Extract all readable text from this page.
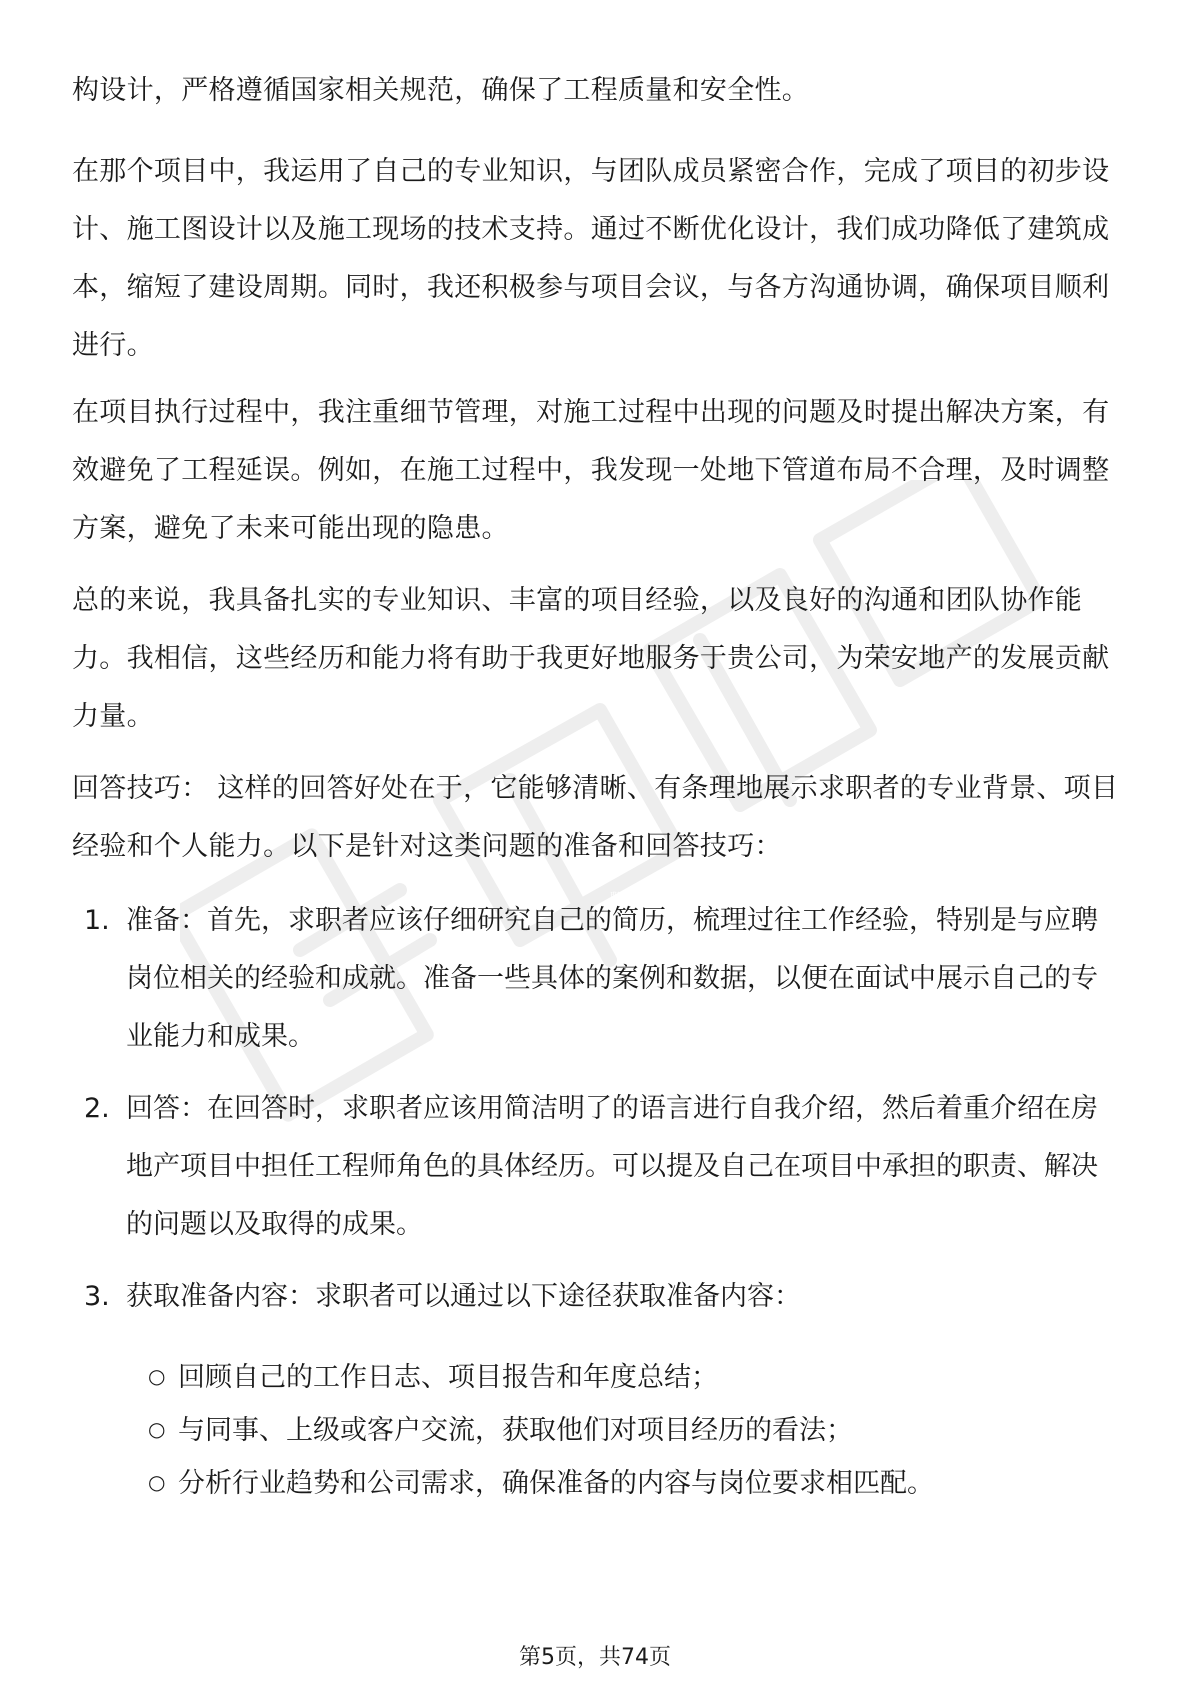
职场资料

构设计，严格遵循国家相关规范，确保了工程质量和安全性。

在那个项目中，我运用了自己的专业知识，与团队成员紧密合作，完成了项目的初步设计、施工图设计以及施工现场的技术支持。通过不断优化设计，我们成功降低了建筑成本，缩短了建设周期。同时，我还积极参与项目会议，与各方沟通协调，确保项目顺利进行。

在项目执行过程中，我注重细节管理，对施工过程中出现的问题及时提出解决方案，有效避免了工程延误。例如，在施工过程中，我发现一处地下管道布局不合理，及时调整方案，避免了未来可能出现的隐患。

总的来说，我具备扎实的专业知识、丰富的项目经验，以及良好的沟通和团队协作能力。我相信，这些经历和能力将有助于我更好地服务于贵公司，为荣安地产的发展贡献力量。

回答技巧： 这样的回答好处在于，它能够清晰、有条理地展示求职者的专业背景、项目经验和个人能力。以下是针对这类问题的准备和回答技巧：

1. 准备：首先，求职者应该仔细研究自己的简历，梳理过往工作经验，特别是与应聘岗位相关的经验和成就。准备一些具体的案例和数据，以便在面试中展示自己的专业能力和成果。
2. 回答：在回答时，求职者应该用简洁明了的语言进行自我介绍，然后着重介绍在房地产项目中担任工程师角色的具体经历。可以提及自己在项目中承担的职责、解决的问题以及取得的成果。
3. 获取准备内容：求职者可以通过以下途径获取准备内容：
○ 回顾自己的工作日志、项目报告和年度总结；
○ 与同事、上级或客户交流，获取他们对项目经历的看法；
○ 分析行业趋势和公司需求，确保准备的内容与岗位要求相匹配。
第5页，共74页
